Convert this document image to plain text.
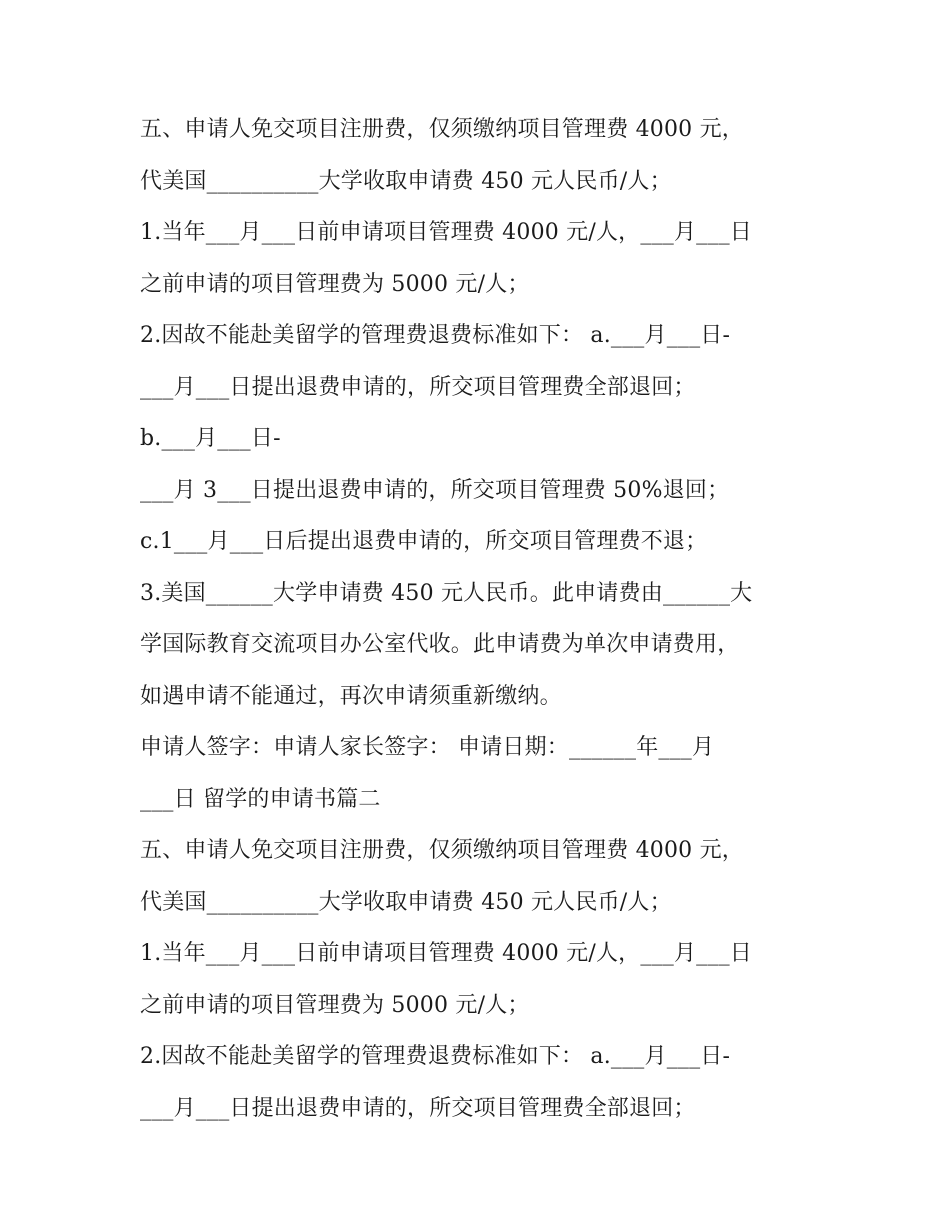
五、申请人免交项目注册费，仅须缴纳项目管理费 4000 元，
代美国__________大学收取申请费 450 元人民币/人；
1.当年___月___日前申请项目管理费 4000 元/人，___月___日
之前申请的项目管理费为 5000 元/人；
2.因故不能赴美留学的管理费退费标准如下： a.___月___日-
___月___日提出退费申请的，所交项目管理费全部退回；
b.___月___日-
___月 3___日提出退费申请的，所交项目管理费 50%退回；
c.1___月___日后提出退费申请的，所交项目管理费不退；
3.美国______大学申请费 450 元人民币。此申请费由______大
学国际教育交流项目办公室代收。此申请费为单次申请费用，
如遇申请不能通过，再次申请须重新缴纳。
申请人签字：申请人家长签字： 申请日期：______年___月
___日 留学的申请书篇二
五、申请人免交项目注册费，仅须缴纳项目管理费 4000 元，
代美国__________大学收取申请费 450 元人民币/人；
1.当年___月___日前申请项目管理费 4000 元/人，___月___日
之前申请的项目管理费为 5000 元/人；
2.因故不能赴美留学的管理费退费标准如下： a.___月___日-
___月___日提出退费申请的，所交项目管理费全部退回；
